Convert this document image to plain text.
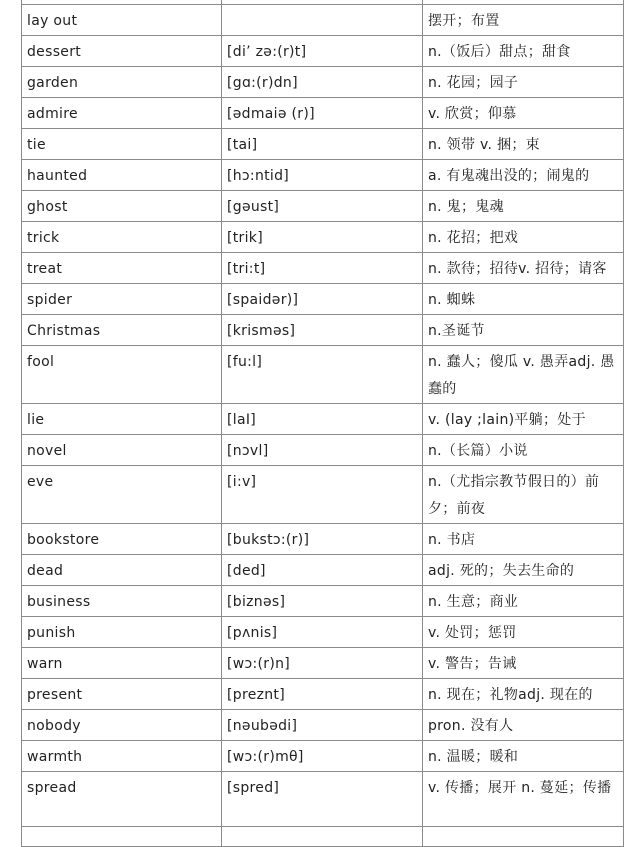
lay out		摆开；布置
dessert	[di’ zə:(r)t]	n.（饭后）甜点；甜食
garden	[gɑ:(r)dn]	n. 花园；园子
admire	[ədmaiə (r)]	v. 欣赏；仰慕
tie	[tai]	n. 领带 v. 捆；束
haunted	[hɔ:ntid]	a. 有鬼魂出没的；闹鬼的
ghost	[gəust]	n. 鬼；鬼魂
trick	[trik]	n. 花招；把戏
treat	[tri:t]	n. 款待；招待v. 招待；请客
spider	[spaidər)]	n. 蜘蛛
Christmas	[krisməs]	n.圣诞节
fool	[fu:l]	n. 蠢人；傻瓜 v. 愚弄adj. 愚蠢的
lie	[laI]	v. (lay ;lain)平躺；处于
novel	[nɔvl]	n.（长篇）小说
eve	[i:v]	n.（尤指宗教节假日的）前夕；前夜
bookstore	[bukstɔ:(r)]	n. 书店
dead	[ded]	adj. 死的；失去生命的
business	[biznəs]	n. 生意；商业
punish	[pʌnis]	v. 处罚；惩罚
warn	[wɔ:(r)n]	v. 警告；告诫
present	[preznt]	n. 现在；礼物adj. 现在的
nobody	[nəubədi]	pron. 没有人
warmth	[wɔ:(r)mθ]	n. 温暖；暖和
spread	[spred]	v. 传播；展开 n. 蔓延；传播
